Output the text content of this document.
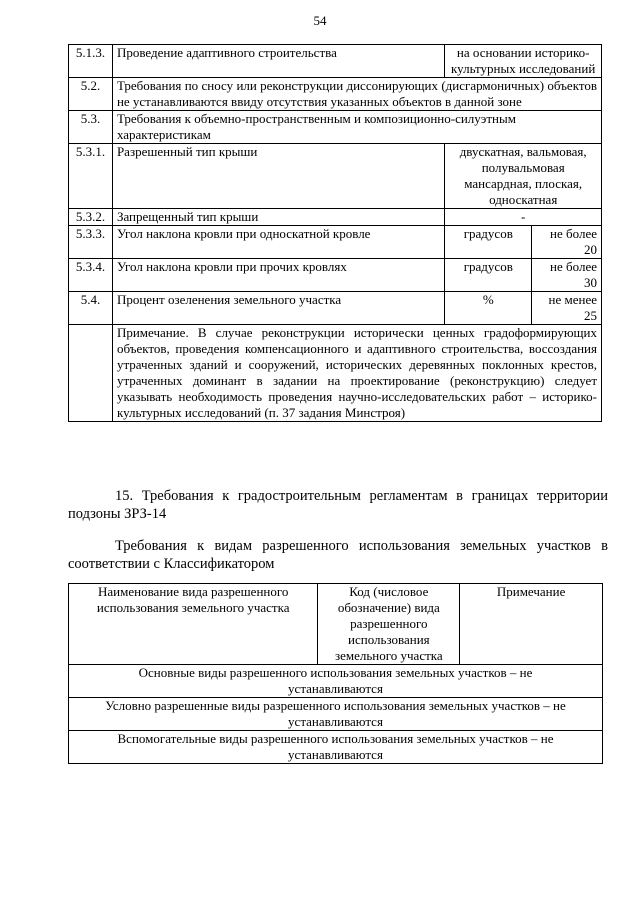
54
5.1.3.	Проведение адаптивного строительства	на основании историко-культурных исследований	
5.2.	Требования по сносу или реконструкции диссонирующих (дисгармоничных) объектов не устанавливаются ввиду отсутствия указанных объектов в данной зоне		
5.3.	Требования к объемно-пространственным и композиционно-силуэтным характеристикам		
5.3.1.	Разрешенный тип крыши	двускатная, вальмовая, полувальмовая мансардная, плоская, односкатная	
5.3.2.	Запрещенный тип крыши	-	
5.3.3.	Угол наклона кровли при односкатной кровле	градусов	не более 20
5.3.4.	Угол наклона кровли при прочих кровлях	градусов	не более 30
5.4.	Процент озеленения земельного участка	%	не менее 25
	Примечание. В случае реконструкции исторически ценных градоформирующих объектов, проведения компенсационного и адаптивного строительства, воссоздания утраченных зданий и сооружений, исторических деревянных поклонных крестов, утраченных доминант в задании на проектирование (реконструкцию) следует указывать необходимость проведения научно-исследовательских работ – историко-культурных исследований (п. 37 задания Минстроя)		
15. Требования к градостроительным регламентам в границах территории подзоны ЗРЗ-14
Требования к видам разрешенного использования земельных участков в соответствии с Классификатором
Наименование вида разрешенного использования земельного участка	Код (числовое обозначение) вида разрешенного использования земельного участка	Примечание
Основные виды разрешенного использования земельных участков – не устанавливаются
Условно разрешенные виды разрешенного использования земельных участков – не устанавливаются
Вспомогательные виды разрешенного использования земельных участков – не устанавливаются
